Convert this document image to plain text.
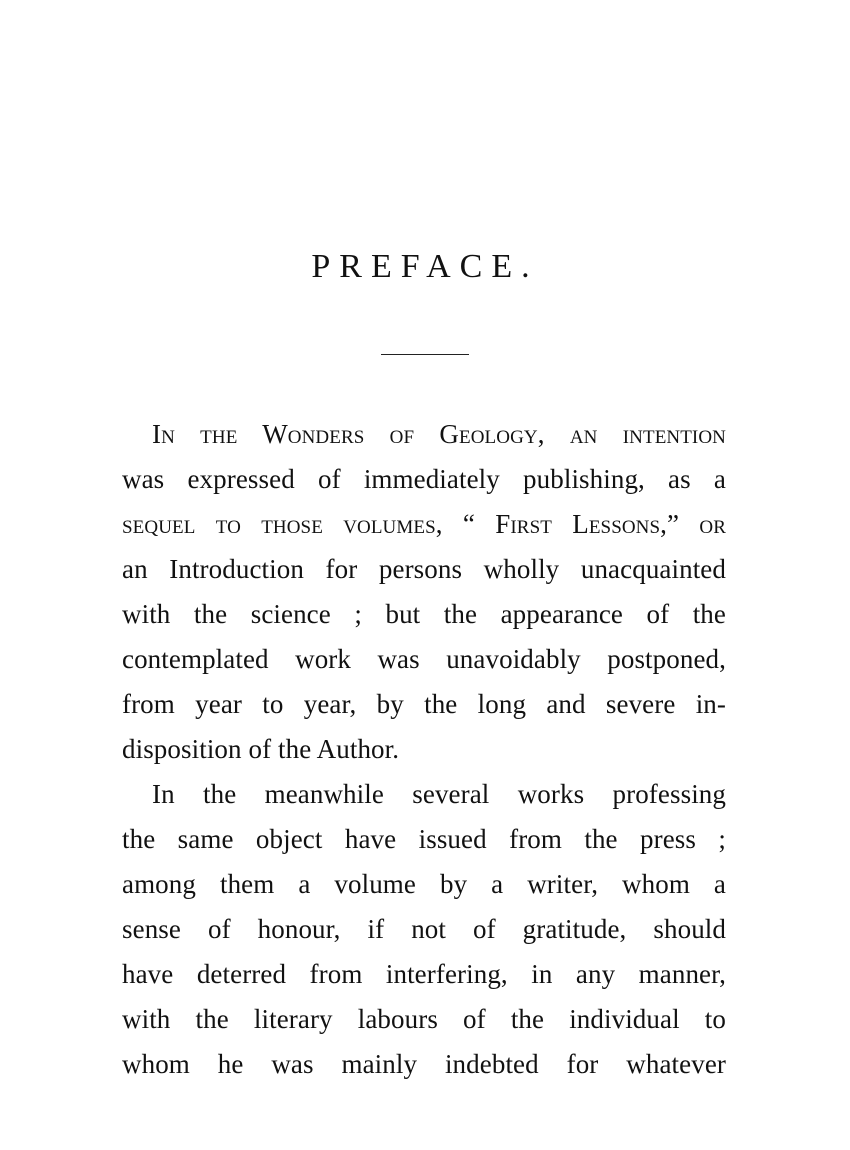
PREFACE.
In the Wonders of Geology, an intention
was expressed of immediately publishing, as a
sequel to those volumes, “ First Lessons,” or
an Introduction for persons wholly unacquainted
with the science ; but the appearance of the
contemplated work was unavoidably postponed,
from year to year, by the long and severe in-
disposition of the Author.
In the meanwhile several works professing
the same object have issued from the press ;
among them a volume by a writer, whom a
sense of honour, if not of gratitude, should
have deterred from interfering, in any manner,
with the literary labours of the individual to
whom he was mainly indebted for whatever
